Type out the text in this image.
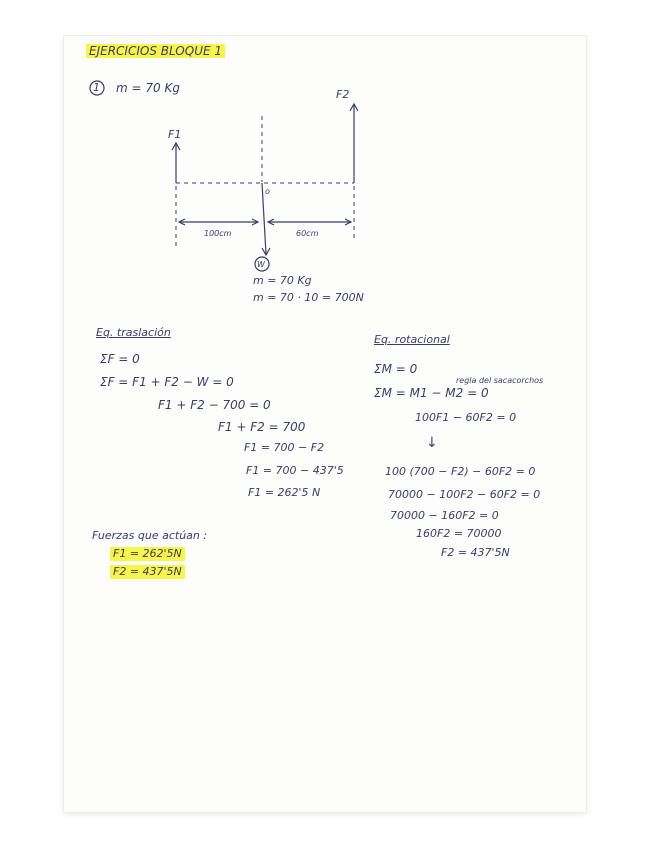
EJERCICIOS BLOQUE 1
1 m = 70 Kg
F1
F2
o
100cm	60cm
W
m = 70 Kg
m = 70 · 10 = 700N
Eq. traslación
ΣF = 0
ΣF = F1 + F2 − W = 0
F1 + F2 − 700 = 0
F1 + F2 = 700
F1 = 700 − F2
F1 = 700 − 437'5
F1 = 262'5 N
Eq. rotacional
ΣM = 0
ΣM = M1 − M2 = 0
regla del sacacorchos
100F1 − 60F2 = 0
↓
100 (700 − F2) − 60F2 = 0
70000 − 100F2 − 60F2 = 0
70000 − 160F2 = 0
160F2 = 70000
F2 = 437'5N
Fuerzas que actúan :
F1 = 262'5N
F2 = 437'5N
